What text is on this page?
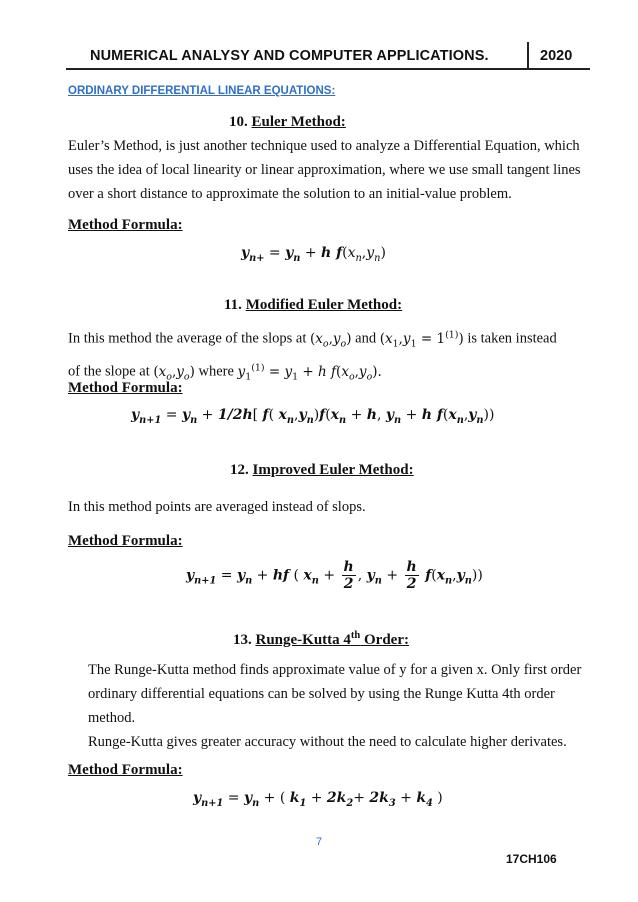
NUMERICAL ANALYSY AND COMPUTER APPLICATIONS.	2020
ORDINARY DIFFERENTIAL LINEAR EQUATIONS:
10. Euler Method:
Euler’s Method, is just another technique used to analyze a Differential Equation, which
uses the idea of local linearity or linear approximation, where we use small tangent lines
over a short distance to approximate the solution to an initial-value problem.
Method Formula:
$y_{n+} = y_n + h$ $f(x_n,y_n)$
11. Modified Euler Method:
In this method the average of the slops at $(x_o,y_o)$ and $(x_1,y_1 = 1^{(1)})$ is taken instead
of the slope at $(x_o,y_o)$ where $y_1^{(1)} = y_1 + h$ $f(x_o,y_o)$.
Method Formula:
$y_{n+1} = y_n + 1/2h$[ f( $x_n,y_n)f(x_n + h$, $y_n + h$ $f(x_n,y_n)$)
12. Improved Euler Method:
In this method points are averaged instead of slops.
Method Formula:
$y_{n+1} = y_n$ + hf ( $x_n + \frac{h}{2}$ , $y_n + \frac{h}{2} f(x_n,y_n)$)
13. Runge-Kutta 4th Order:
The Runge-Kutta method finds approximate value of y for a given x. Only first order
ordinary differential equations can be solved by using the Runge Kutta 4th order
method.
Runge-Kutta gives greater accuracy without the need to calculate higher derivates.
Method Formula:
$y_{n+1} = y_n$ + ( $k_1 + 2k_2+ 2k_3 + k_4$ )
7
17CH106
